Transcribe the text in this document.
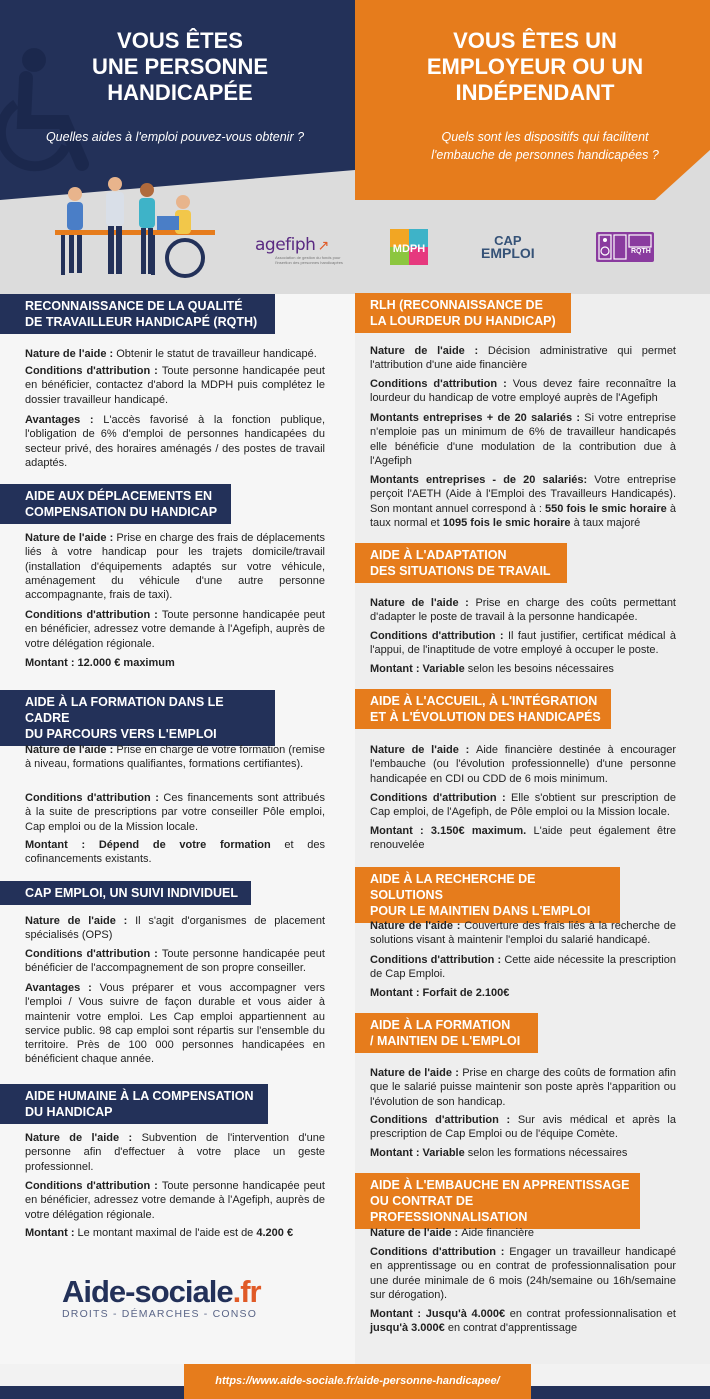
VOUS ÊTES
UNE PERSONNE
HANDICAPÉE
Quelles aides à l'emploi pouvez-vous obtenir ?
VOUS ÊTES UN
EMPLOYEUR OU UN
INDÉPENDANT
Quels sont les dispositifs qui facilitent
l'embauche de personnes handicapées ?
agefiph ↗
Association de gestion du fonds pour l'insertion des personnes handicapées
MDPH
CAP
EMPLOI	RQTH
RECONNAISSANCE DE LA QUALITÉ
DE TRAVAILLEUR HANDICAPÉ (RQTH)
Nature de l'aide : Obtenir le statut de travailleur handicapé.
Conditions d'attribution : Toute personne handicapée peut en bénéficier, contactez d'abord la MDPH puis complétez le dossier travailleur handicapé.
Avantages : L'accès favorisé à la fonction publique, l'obligation de 6% d'emploi de personnes handicapées du secteur privé, des horaires aménagés / des postes de travail adaptés.
AIDE AUX DÉPLACEMENTS EN
COMPENSATION DU HANDICAP
Nature de l'aide : Prise en charge des frais de déplacements liés à votre handicap pour les trajets domicile/travail (installation d'équipements adaptés sur votre véhicule, aménagement du véhicule d'une autre personne accompagnante, frais de taxi).
Conditions d'attribution : Toute personne handicapée peut en bénéficier, adressez votre demande à l'Agefiph, auprès de votre délégation régionale.
Montant : 12.000 € maximum
AIDE À LA FORMATION DANS LE CADRE
DU PARCOURS VERS L'EMPLOI
Nature de l'aide : Prise en charge de votre formation (remise à niveau, formations qualifiantes, formations certifiantes).
Conditions d'attribution : Ces financements sont attribués à la suite de prescriptions par votre conseiller Pôle emploi, Cap emploi ou de la Mission locale.
Montant : Dépend de votre formation et des cofinancements existants.
CAP EMPLOI, UN SUIVI INDIVIDUEL
Nature de l'aide : Il s'agit d'organismes de placement spécialisés (OPS)
Conditions d'attribution : Toute personne handicapée peut bénéficier de l'accompagnement de son propre conseiller.
Avantages : Vous préparer et vous accompagner vers l'emploi / Vous suivre de façon durable et vous aider à maintenir votre emploi. Les Cap emploi appartiennent au service public. 98 cap emploi sont répartis sur l'ensemble du territoire. Près de 100 000 personnes handicapées en bénéficient chaque année.
AIDE HUMAINE À LA COMPENSATION
DU HANDICAP
Nature de l'aide : Subvention de l'intervention d'une personne afin d'effectuer à votre place un geste professionnel.
Conditions d'attribution : Toute personne handicapée peut en bénéficier, adressez votre demande à l'Agefiph, auprès de votre délégation régionale.
Montant : Le montant maximal de l'aide est de 4.200 €
RLH (RECONNAISSANCE DE
LA LOURDEUR DU HANDICAP)
Nature de l'aide : Décision administrative qui permet l'attribution d'une aide financière
Conditions d'attribution : Vous devez faire reconnaître la lourdeur du handicap de votre employé auprès de l'Agefiph
Montants entreprises + de 20 salariés : Si votre entreprise n'emploie pas un minimum de 6% de travailleur handicapés elle bénéficie d'une modulation de la contribution due à l'Agefiph
Montants entreprises - de 20 salariés: Votre entreprise perçoit l'AETH (Aide à l'Emploi des Travailleurs Handicapés). Son montant annuel correspond à : 550 fois le smic horaire à taux normal et 1095 fois le smic horaire à taux majoré
AIDE À L'ADAPTATION
DES SITUATIONS DE TRAVAIL
Nature de l'aide : Prise en charge des coûts permettant d'adapter le poste de travail à la personne handicapée.
Conditions d'attribution : Il faut justifier, certificat médical à l'appui, de l'inaptitude de votre employé à occuper le poste.
Montant : Variable selon les besoins nécessaires
AIDE À L'ACCUEIL, À L'INTÉGRATION
ET À L'ÉVOLUTION DES HANDICAPÉS
Nature de l'aide : Aide financière destinée à encourager l'embauche (ou l'évolution professionnelle) d'une personne handicapée en CDI ou CDD de 6 mois minimum.
Conditions d'attribution : Elle s'obtient sur prescription de Cap emploi, de l'Agefiph, de Pôle emploi ou la Mission locale.
Montant : 3.150€ maximum. L'aide peut également être renouvelée
AIDE À LA RECHERCHE DE SOLUTIONS
POUR LE MAINTIEN DANS L'EMPLOI
Nature de l'aide : Couverture des frais liés à la recherche de solutions visant à maintenir l'emploi du salarié handicapé.
Conditions d'attribution : Cette aide nécessite la prescription de Cap Emploi.
Montant : Forfait de 2.100€
AIDE À LA FORMATION
/ MAINTIEN DE L'EMPLOI
Nature de l'aide : Prise en charge des coûts de formation afin que le salarié puisse maintenir son poste après l'apparition ou l'évolution de son handicap.
Conditions d'attribution : Sur avis médical et après la prescription de Cap Emploi ou de l'équipe Comète.
Montant : Variable selon les formations nécessaires
AIDE À L'EMBAUCHE EN APPRENTISSAGE
OU CONTRAT DE PROFESSIONNALISATION
Nature de l'aide : Aide financière
Conditions d'attribution : Engager un travailleur handicapé en apprentissage ou en contrat de professionnalisation pour une durée minimale de 6 mois (24h/semaine ou 16h/semaine sur dérogation).
Montant : Jusqu'à 4.000€ en contrat professionnalisation et jusqu'à 3.000€ en contrat d'apprentissage
Aide-sociale.fr
DROITS - DÉMARCHES - CONSO
https://www.aide-sociale.fr/aide-personne-handicapee/
